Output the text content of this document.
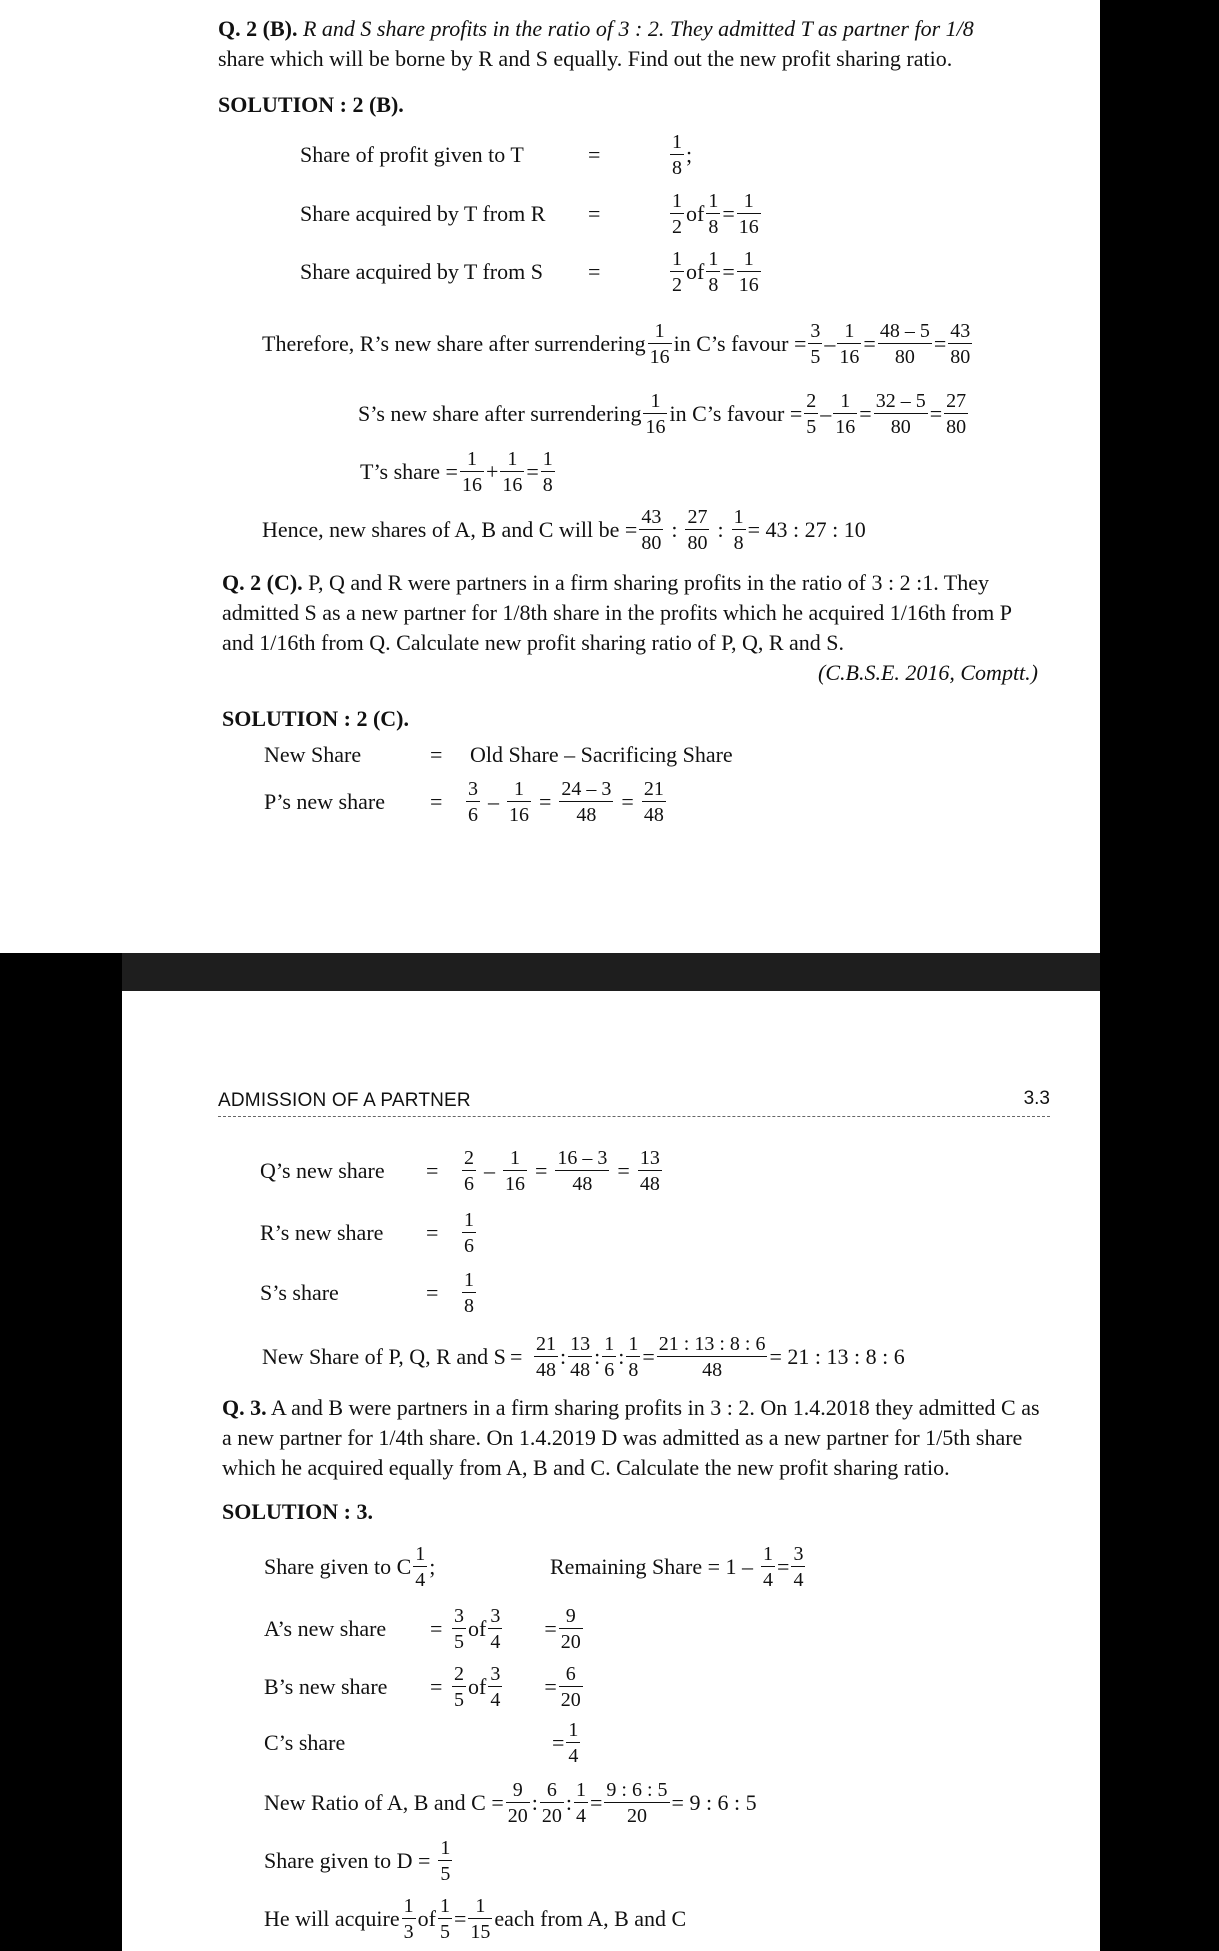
Q. 2 (B). R and S share profits in the ratio of 3 : 2. They admitted T as partner for 1/8
share which will be borne by R and S equally. Find out the new profit sharing ratio.
SOLUTION : 2 (B).
Share of profit given to T	=	$\frac{1}{8}$ ;
Share acquired by T from R	=	$\frac{1}{2}$ of $\frac{1}{8} = \frac{1}{16}$
Share acquired by T from S	=	$\frac{1}{2}$ of $\frac{1}{8} = \frac{1}{16}$
Therefore, R’s new share after surrendering $\frac{1}{16}$ in C’s favour = $\frac{3}{5} - \frac{1}{16} = \frac{48 - 5}{80} = \frac{43}{80}$
S’s new share after surrendering $\frac{1}{16}$ in C’s favour = $\frac{2}{5} - \frac{1}{16} = \frac{32 - 5}{80} = \frac{27}{80}$
T’s share = $\frac{1}{16} + \frac{1}{16} = \frac{1}{8}$
Hence, new shares of A, B and C will be = $\frac{43}{80}$ : $\frac{27}{80}$ : $\frac{1}{8} = 43$ : 27 : 10
Q. 2 (C). P, Q and R were partners in a firm sharing profits in the ratio of 3 : 2 :1. They admitted S as a new partner for 1/8th share in the profits which he acquired 1/16th from P and 1/16th from Q. Calculate new profit sharing ratio of P, Q, R and S.
(C.B.S.E. 2016, Comptt.)
SOLUTION : 2 (C).
New Share	=	Old Share – Sacrificing Share
P’s new share	=	$\frac{3}{6} - \frac{1}{16} = \frac{24 - 3}{48} = \frac{21}{48}$
ADMISSION OF A PARTNER	3.3
Q’s new share	=	$\frac{2}{6} - \frac{1}{16} = \frac{16 - 3}{48} = \frac{13}{48}$
R’s new share	=	$\frac{1}{6}$
S’s share	=	$\frac{1}{8}$
New Share of P, Q, R and $S = \frac{21}{48}$ : $\frac{13}{48}$ : $\frac{1}{6}$ : $\frac{1}{8} = \frac{21 : 13 : 8 : 6}{48} = 21$ : 13 : 8 : 6
Q. 3. A and B were partners in a firm sharing profits in 3 : 2. On 1.4.2018 they admitted C as a new partner for 1/4th share. On 1.4.2019 D was admitted as a new partner for 1/5th share which he acquired equally from A, B and C. Calculate the new profit sharing ratio.
SOLUTION : 3.
Share given to C $\frac{1}{4}$ ;	Remaining Share = $1 - \frac{1}{4} = \frac{3}{4}$
A’s new share	= $\frac{3}{5}$ of $\frac{3}{4} = \frac{9}{20}$
B’s new share	= $\frac{2}{5}$ of $\frac{3}{4} = \frac{6}{20}$
C’s share	= $\frac{1}{4}$
New Ratio of A, B and $C = \frac{9}{20}$ : $\frac{6}{20}$ : $\frac{1}{4} = \frac{9 : 6 : 5}{20} = 9$ : 6 : 5
Share given to $D = \frac{1}{5}$
He will acquire $\frac{1}{3}$ of $\frac{1}{5} = \frac{1}{15}$ each from A, B and C
